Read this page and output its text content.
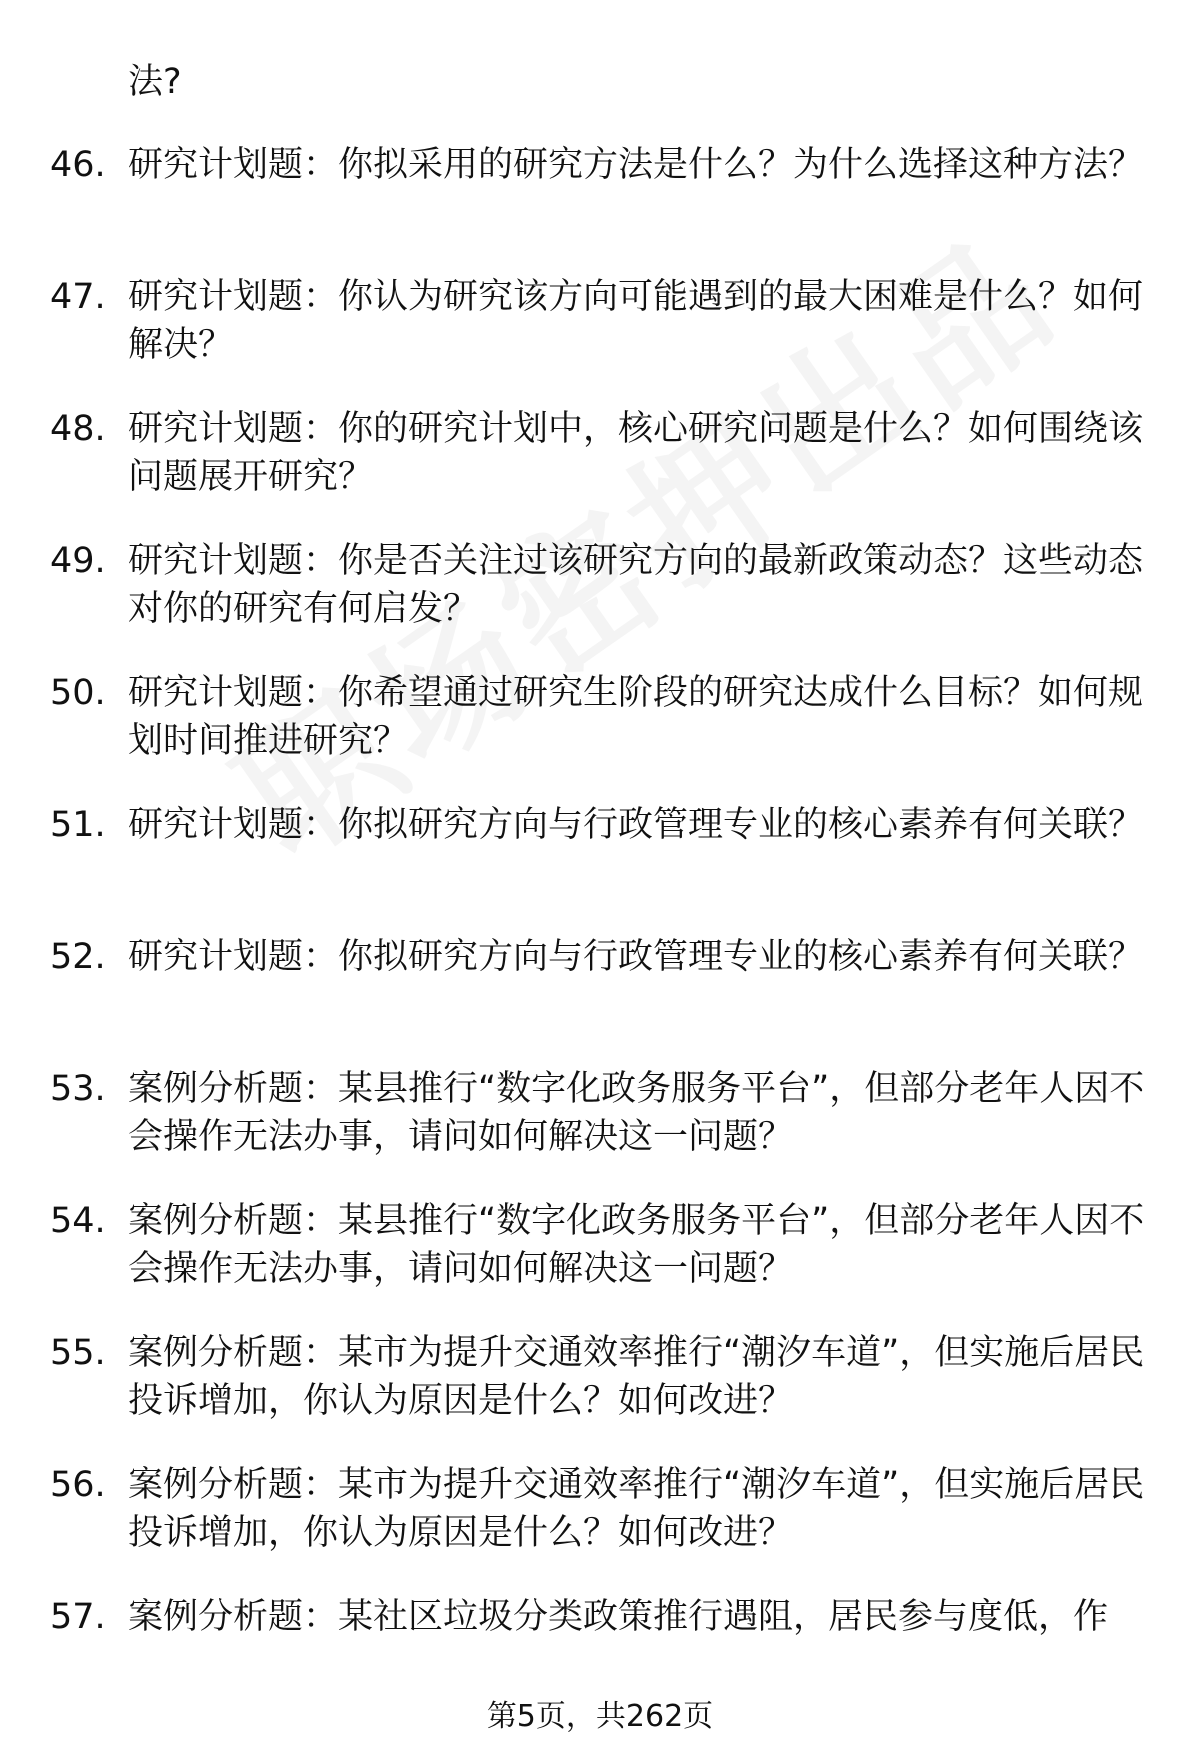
法?

46. 研究计划题：你拟采用的研究方法是什么？为什么选择这种方法？
47. 研究计划题：你认为研究该方向可能遇到的最大困难是什么？如何解决？
48. 研究计划题：你的研究计划中，核心研究问题是什么？如何围绕该问题展开研究？
49. 研究计划题：你是否关注过该研究方向的最新政策动态？这些动态对你的研究有何启发？
50. 研究计划题：你希望通过研究生阶段的研究达成什么目标？如何规划时间推进研究？
51. 研究计划题：你拟研究方向与行政管理专业的核心素养有何关联？
52. 研究计划题：你拟研究方向与行政管理专业的核心素养有何关联？
53. 案例分析题：某县推行“数字化政务服务平台”，但部分老年人因不会操作无法办事，请问如何解决这一问题？
54. 案例分析题：某县推行“数字化政务服务平台”，但部分老年人因不会操作无法办事，请问如何解决这一问题？
55. 案例分析题：某市为提升交通效率推行“潮汐车道”，但实施后居民投诉增加，你认为原因是什么？如何改进？
56. 案例分析题：某市为提升交通效率推行“潮汐车道”，但实施后居民投诉增加，你认为原因是什么？如何改进？
57. 案例分析题：某社区垃圾分类政策推行遇阻，居民参与度低，作
第5页，共262页
